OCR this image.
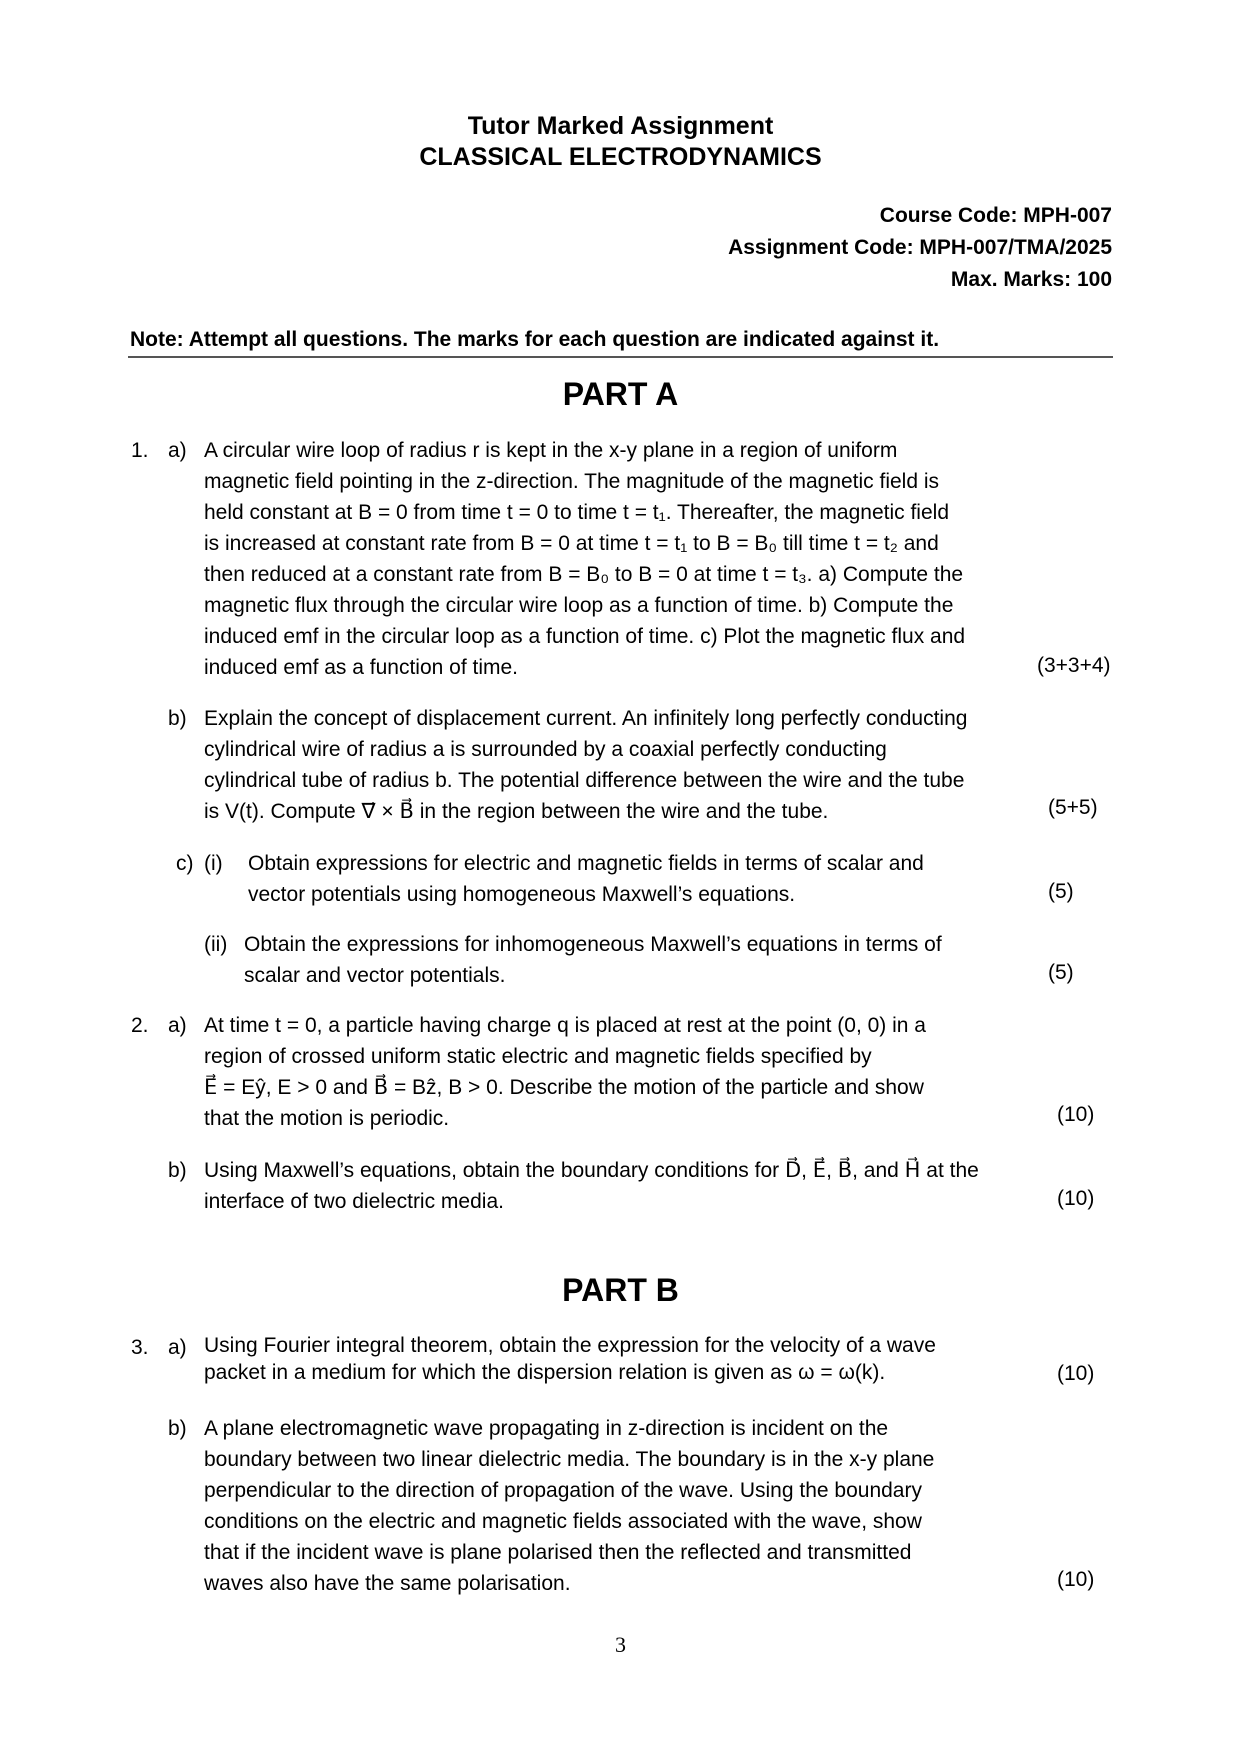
Tutor Marked Assignment
CLASSICAL ELECTRODYNAMICS
Course Code: MPH-007
Assignment Code: MPH-007/TMA/2025
Max. Marks: 100
Note: Attempt all questions. The marks for each question are indicated against it.
PART A
1. a) A circular wire loop of radius r is kept in the x-y plane in a region of uniform
magnetic field pointing in the z-direction. The magnitude of the magnetic field is
held constant at B = 0 from time t = 0 to time t = t₁. Thereafter, the magnetic field
is increased at constant rate from B = 0 at time t = t₁ to B = B₀ till time t = t₂ and
then reduced at a constant rate from B = B₀ to B = 0 at time t = t₃. a) Compute the
magnetic flux through the circular wire loop as a function of time. b) Compute the
induced emf in the circular loop as a function of time. c) Plot the magnetic flux and
induced emf as a function of time.	(3+3+4)
b) Explain the concept of displacement current. An infinitely long perfectly conducting
cylindrical wire of radius a is surrounded by a coaxial perfectly conducting
cylindrical tube of radius b. The potential difference between the wire and the tube
is V(t). Compute ∇⃗ × B⃗ in the region between the wire and the tube.	(5+5)
c) (i) Obtain expressions for electric and magnetic fields in terms of scalar and
vector potentials using homogeneous Maxwell’s equations.	(5)
(ii) Obtain the expressions for inhomogeneous Maxwell’s equations in terms of
scalar and vector potentials.	(5)
2. a) At time t = 0, a particle having charge q is placed at rest at the point (0, 0) in a
region of crossed uniform static electric and magnetic fields specified by
E⃗ = Eŷ, E > 0 and B⃗ = Bẑ, B > 0. Describe the motion of the particle and show
that the motion is periodic.	(10)
b) Using Maxwell’s equations, obtain the boundary conditions for D⃗, E⃗, B⃗, and H⃗ at the
interface of two dielectric media.	(10)
PART B
3. a) Using Fourier integral theorem, obtain the expression for the velocity of a wave
packet in a medium for which the dispersion relation is given as ω = ω(k).	(10)
b) A plane electromagnetic wave propagating in z-direction is incident on the
boundary between two linear dielectric media. The boundary is in the x-y plane
perpendicular to the direction of propagation of the wave. Using the boundary
conditions on the electric and magnetic fields associated with the wave, show
that if the incident wave is plane polarised then the reflected and transmitted
waves also have the same polarisation.	(10)
3
